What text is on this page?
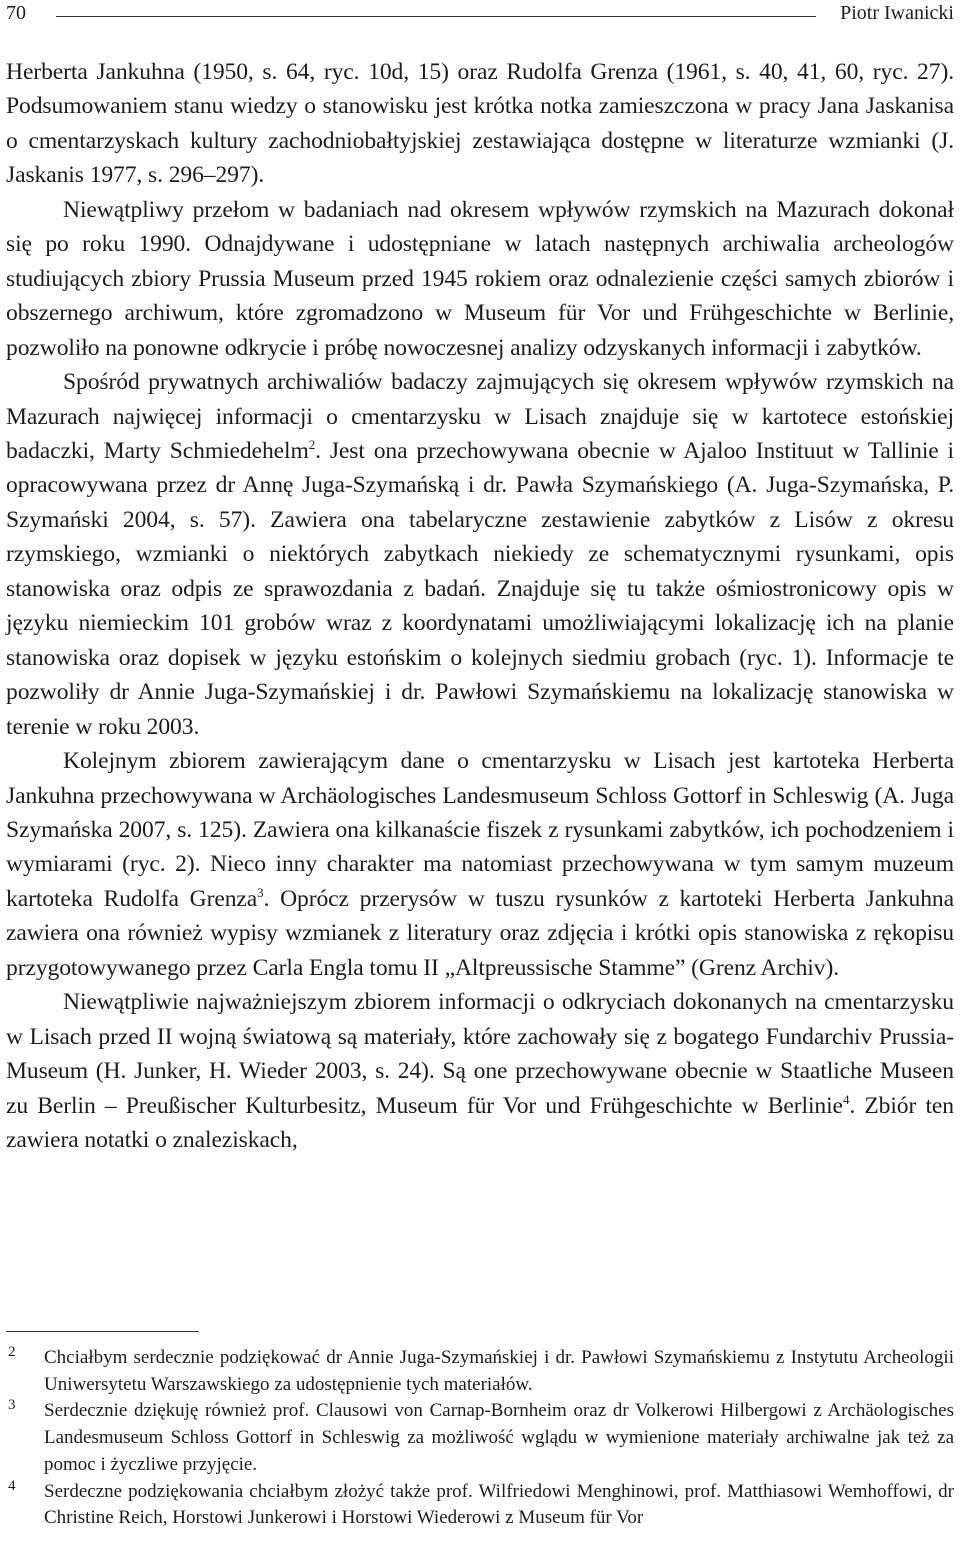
70	Piotr Iwanicki

Herberta Jankuhna (1950, s. 64, ryc. 10d, 15) oraz Rudolfa Grenza (1961, s. 40, 41, 60, ryc. 27). Podsumowaniem stanu wiedzy o stanowisku jest krótka notka zamieszczona w pracy Jana Jaskanisa o cmentarzyskach kultury zachodniobałtyjskiej zestawiająca dostępne w literaturze wzmianki (J. Jaskanis 1977, s. 296–297).

Niewątpliwy przełom w badaniach nad okresem wpływów rzymskich na Mazurach dokonał się po roku 1990. Odnajdywane i udostępniane w latach następnych archiwalia archeologów studiujących zbiory Prussia Museum przed 1945 rokiem oraz odnalezienie części samych zbiorów i obszernego archiwum, które zgromadzono w Museum für Vor und Frühgeschichte w Berlinie, pozwoliło na ponowne odkrycie i próbę nowoczesnej analizy odzyskanych informacji i zabytków.

Spośród prywatnych archiwaliów badaczy zajmujących się okresem wpływów rzymskich na Mazurach najwięcej informacji o cmentarzysku w Lisach znajduje się w kartotece estońskiej badaczki, Marty Schmiedehelm$^2$. Jest ona przechowywana obecnie w Ajaloo Instituut w Tallinie i opracowywana przez dr Annę Juga-Szymańską i dr. Pawła Szymańskiego (A. Juga-Szymańska, P. Szymański 2004, s. 57). Zawiera ona tabelaryczne zestawienie zabytków z Lisów z okresu rzymskiego, wzmianki o niektórych zabytkach niekiedy ze schematycznymi rysunkami, opis stanowiska oraz odpis ze sprawozdania z badań. Znajduje się tu także ośmiostronicowy opis w języku niemieckim 101 grobów wraz z koordynatami umożliwiającymi lokalizację ich na planie stanowiska oraz dopisek w języku estońskim o kolejnych siedmiu grobach (ryc. 1). Informacje te pozwoliły dr Annie Juga-Szymańskiej i dr. Pawłowi Szymańskiemu na lokalizację stanowiska w terenie w roku 2003.

Kolejnym zbiorem zawierającym dane o cmentarzysku w Lisach jest kartoteka Herberta Jankuhna przechowywana w Archäologisches Landesmuseum Schloss Gottorf in Schleswig (A. Juga Szymańska 2007, s. 125). Zawiera ona kilkanaście fiszek z rysunkami zabytków, ich pochodzeniem i wymiarami (ryc. 2). Nieco inny charakter ma natomiast przechowywana w tym samym muzeum kartoteka Rudolfa Grenza$^3$. Oprócz przerysów w tuszu rysunków z kartoteki Herberta Jankuhna zawiera ona również wypisy wzmianek z literatury oraz zdjęcia i krótki opis stanowiska z rękopisu przygotowywanego przez Carla Engla tomu II „Altpreussische Stamme” (Grenz Archiv).

Niewątpliwie najważniejszym zbiorem informacji o odkryciach dokonanych na cmentarzysku w Lisach przed II wojną światową są materiały, które zachowały się z bogatego Fundarchiv Prussia-Museum (H. Junker, H. Wieder 2003, s. 24). Są one przechowywane obecnie w Staatliche Museen zu Berlin – Preußischer Kulturbesitz, Museum für Vor und Frühgeschichte w Berlinie$^4$. Zbiór ten zawiera notatki o znaleziskach,

2 Chciałbym serdecznie podziękować dr Annie Juga-Szymańskiej i dr. Pawłowi Szymańskiemu z Instytutu Archeologii Uniwersytetu Warszawskiego za udostępnienie tych materiałów.

3 Serdecznie dziękuję również prof. Clausowi von Carnap-Bornheim oraz dr Volkerowi Hilbergowi z Archäologisches Landesmuseum Schloss Gottorf in Schleswig za możliwość wglądu w wymienione materiały archiwalne jak też za pomoc i życzliwe przyjęcie.

4 Serdeczne podziękowania chciałbym złożyć także prof. Wilfriedowi Menghinowi, prof. Matthiasowi Wemhoffowi, dr Christine Reich, Horstowi Junkerowi i Horstowi Wiederowi z Museum für Vor
